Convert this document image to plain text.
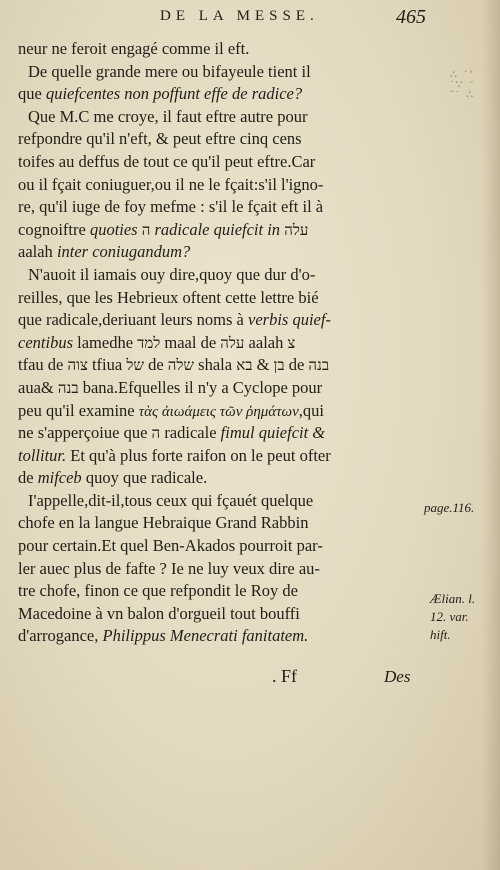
DE LA MESSE.	465
∴ ˙˚
˙∵ ¨
ˆ˙ ∴
neur ne feroit engagé comme il eft.
De quelle grande mere ou bifayeule tient il
que quiefcentes non poffunt effe de radice?
Que M.C me croye, il faut eftre autre pour
refpondre qu'il n'eft, & peut eftre cinq cens
toifes au deffus de tout ce qu'il peut eftre.Car
ou il fçait coniuguer,ou il ne le fçait:s'il l'igno-
re, qu'il iuge de foy mefme : s'il le fçait eft il à
cognoiftre quoties ה radicale quiefcit in עלה
aalah inter coniugandum?
N'auoit il iamais ouy dire,quoy que dur d'o-
reilles, que les Hebrieux oftent cette lettre bié
que radicale,deriuant leurs noms à verbis quief-
centibus lamedhe למד maal de עלה aalah צ
tfau de צוה tfiua של de שלה shala בא & בן de בנה
aua& בנה bana.Efquelles il n'y a Cyclope pour
peu qu'il examine τὰς ἀιωάμεις τῶν ῥημάτων,qui
ne s'apperçoiue que ה radicale fimul quiefcit &
tollitur. Et qu'à plus forte raifon on le peut ofter
de mifceb quoy que radicale.
I'appelle,dit-il,tous ceux qui fçauét quelque
chofe en la langue Hebraique Grand Rabbin
pour certain.Et quel Ben-Akados pourroit par-
ler auec plus de fafte ? Ie ne luy veux dire au-
tre chofe, finon ce que refpondit le Roy de
Macedoine à vn balon d'orgueil tout bouffi
d'arrogance, Philippus Menecrati fanitatem.
page.116.
Ælian. l.
12. var.
hift.
. Ff	Des
